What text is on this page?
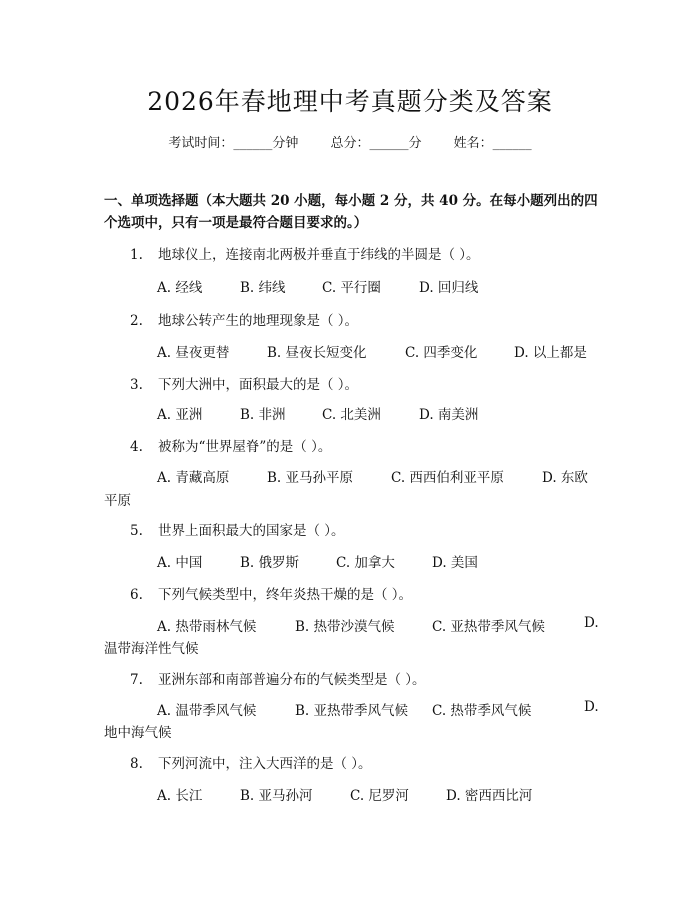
2026年春地理中考真题分类及答案
考试时间：______分钟 总分：______分 姓名：______
一、单项选择题（本大题共 20 小题，每小题 2 分，共 40 分。在每小题列出的四个选项中，只有一项是最符合题目要求的。）
1. 地球仪上，连接南北两极并垂直于纬线的半圆是（ ）。
A. 经线	B. 纬线	C. 平行圈	D. 回归线
2. 地球公转产生的地理现象是（ ）。
A. 昼夜更替	B. 昼夜长短变化	C. 四季变化	D. 以上都是
3. 下列大洲中，面积最大的是（ ）。
A. 亚洲	B. 非洲	C. 北美洲	D. 南美洲
4. 被称为“世界屋脊”的是（ ）。
A. 青藏高原	B. 亚马孙平原	C. 西西伯利亚平原	D. 东欧
平原
5. 世界上面积最大的国家是（ ）。
A. 中国	B. 俄罗斯	C. 加拿大	D. 美国
6. 下列气候类型中，终年炎热干燥的是（ ）。
A. 热带雨林气候	B. 热带沙漠气候	C. 亚热带季风气候	D.
温带海洋性气候
7. 亚洲东部和南部普遍分布的气候类型是（ ）。
A. 温带季风气候	B. 亚热带季风气候 C. 热带季风气候	D.
地中海气候
8. 下列河流中，注入大西洋的是（ ）。
A. 长江	B. 亚马孙河	C. 尼罗河	D. 密西西比河
